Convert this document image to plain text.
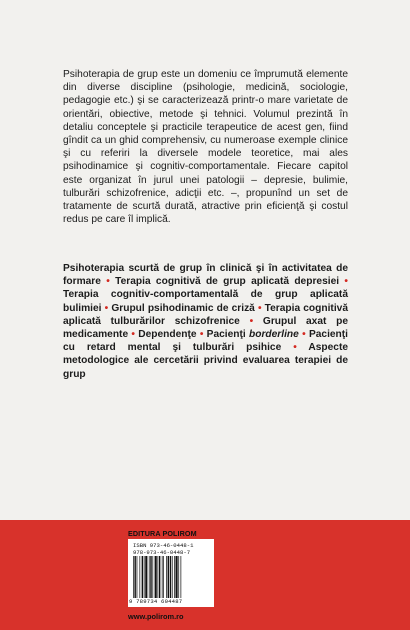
Psihoterapia de grup este un domeniu ce împrumută elemente din diverse discipline (psihologie, medicină, sociologie, pedagogie etc.) şi se caracterizează printr-o mare varietate de orientări, obiective, metode şi tehnici. Volumul prezintă în detaliu conceptele şi practicile terapeutice de acest gen, fiind gîndit ca un ghid comprehensiv, cu numeroase exemple clinice şi cu referiri la diversele modele teoretice, mai ales psihodinamice şi cognitiv-comportamentale. Fiecare capitol este organizat în jurul unei patologii – depresie, bulimie, tulburări schizofrenice, adicţii etc. –, propunînd un set de tratamente de scurtă durată, atractive prin eficienţă şi costul redus pe care îl implică.

Psihoterapia scurtă de grup în clinică şi în activitatea de formare • Terapia cognitivă de grup aplicată depresiei • Terapia cognitiv-comportamentală de grup aplicată bulimiei • Grupul psihodinamic de criză • Terapia cognitivă aplicată tulburărilor schizofrenice • Grupul axat pe medicamente • Dependenţe • Pacienţi borderline • Pacienţi cu retard mental şi tulburări psihice • Aspecte metodologice ale cercetării privind evaluarea terapiei de grup

EDITURA POLIROM
ISBN 973-46-0448-1
978-973-46-0448-7
9 789734 604487
www.polirom.ro
